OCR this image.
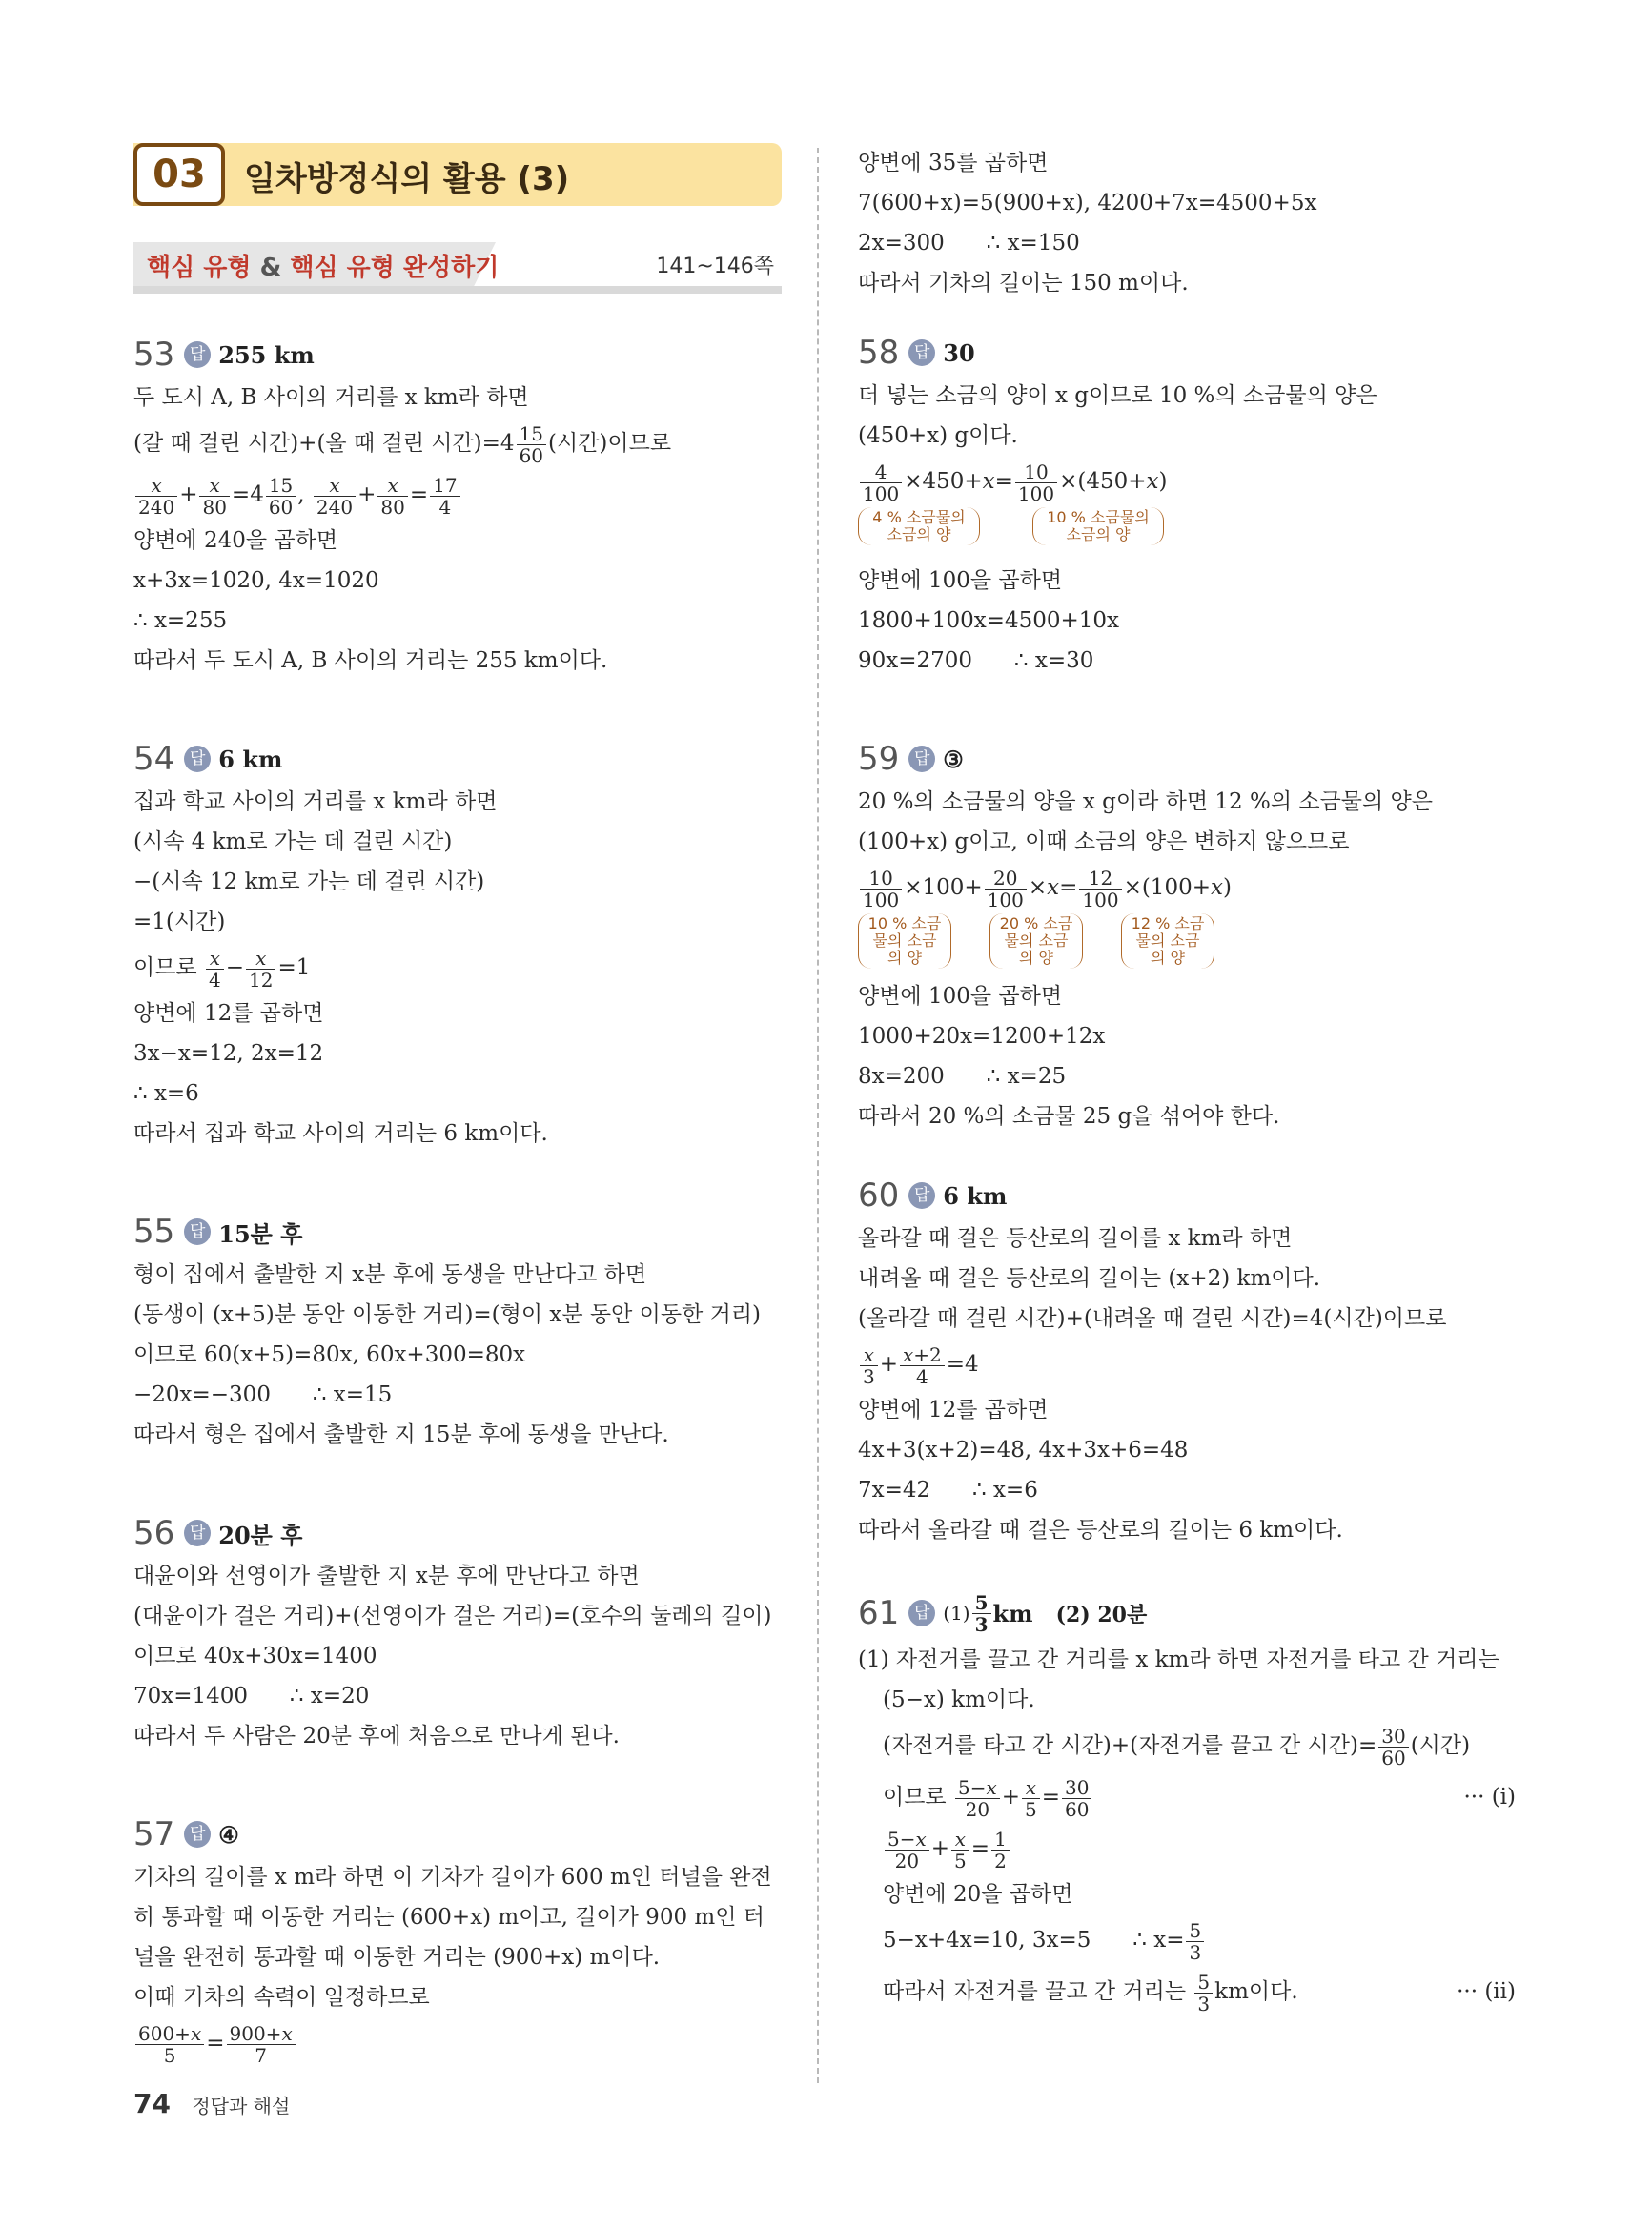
03	일차방정식의 활용 (3)
핵심 유형 & 핵심 유형 완성하기	141~146쪽
53 답 255 km
두 도시 A, B 사이의 거리를 x km라 하면
(갈 때 걸린 시간)+(올 때 걸린 시간)$=4 \frac{15}{60}$ (시간)이므로
$\frac{x}{240} + \frac{x}{80} =4 \frac{15}{60}$ , $\frac{x}{240} + \frac{x}{80} = \frac{17}{4}$
양변에 240을 곱하면
x+3x=1020, 4x=1020
∴ x=255
따라서 두 도시 A, B 사이의 거리는 255 km이다.
54 답 6 km
집과 학교 사이의 거리를 x km라 하면
(시속 4 km로 가는 데 걸린 시간)
−(시속 12 km로 가는 데 걸린 시간)
=1(시간)
이므로 $\frac{x}{4} - \frac{x}{12} =1$
양변에 12를 곱하면
3x−x=12, 2x=12
∴ x=6
따라서 집과 학교 사이의 거리는 6 km이다.
55 답 15분 후
형이 집에서 출발한 지 x분 후에 동생을 만난다고 하면
(동생이 (x+5)분 동안 이동한 거리)=(형이 x분 동안 이동한 거리)
이므로 60(x+5)=80x, 60x+300=80x
−20x=−300      ∴ x=15
따라서 형은 집에서 출발한 지 15분 후에 동생을 만난다.
56 답 20분 후
대윤이와 선영이가 출발한 지 x분 후에 만난다고 하면
(대윤이가 걸은 거리)+(선영이가 걸은 거리)=(호수의 둘레의 길이)
이므로 40x+30x=1400
70x=1400      ∴ x=20
따라서 두 사람은 20분 후에 처음으로 만나게 된다.
57 답 ④
기차의 길이를 x m라 하면 이 기차가 길이가 600 m인 터널을 완전
히 통과할 때 이동한 거리는 (600+x) m이고, 길이가 900 m인 터
널을 완전히 통과할 때 이동한 거리는 (900+x) m이다.
이때 기차의 속력이 일정하므로
$\frac{600+x}{5} = \frac{900+x}{7}$
양변에 35를 곱하면
7(600+x)=5(900+x), 4200+7x=4500+5x
2x=300      ∴ x=150
따라서 기차의 길이는 150 m이다.
58 답 30
더 넣는 소금의 양이 x g이므로 10 %의 소금물의 양은
(450+x) g이다.
$\frac{4}{100} \times 450+x= \frac{10}{100} \times(450+x)$
4 % 소금물의 소금의 양
10 % 소금물의 소금의 양
양변에 100을 곱하면
1800+100x=4500+10x
90x=2700      ∴ x=30
59 답 ③
20 %의 소금물의 양을 x g이라 하면 12 %의 소금물의 양은
(100+x) g이고, 이때 소금의 양은 변하지 않으므로
$\frac{10}{100} \times 100+ \frac{20}{100} \times x= \frac{12}{100} \times(100+x)$
10 % 소금물의 소금의 양
20 % 소금물의 소금의 양
12 % 소금물의 소금의 양
양변에 100을 곱하면
1000+20x=1200+12x
8x=200      ∴ x=25
따라서 20 %의 소금물 25 g을 섞어야 한다.
60 답 6 km
올라갈 때 걸은 등산로의 길이를 x km라 하면
내려올 때 걸은 등산로의 길이는 (x+2) km이다.
(올라갈 때 걸린 시간)+(내려올 때 걸린 시간)=4(시간)이므로
$\frac{x}{3} + \frac{x+2}{4} =4$
양변에 12를 곱하면
4x+3(x+2)=48, 4x+3x+6=48
7x=42      ∴ x=6
따라서 올라갈 때 걸은 등산로의 길이는 6 km이다.
61 답 $(1) \frac{5}{3}$ km (2) 20분
(1) 자전거를 끌고 간 거리를 x km라 하면 자전거를 타고 간 거리는
(5−x) km이다.
(자전거를 타고 간 시간)+(자전거를 끌고 간 시간)= $\frac{30}{60}$ (시간)
이므로 $\frac{5-x}{20} + \frac{x}{5} = \frac{30}{60}$	··· (i)
$\frac{5-x}{20} + \frac{x}{5} = \frac{1}{2}$
양변에 20을 곱하면
5−x+4x=10, 3x=5      ∴ $x= \frac{5}{3}$
따라서 자전거를 끌고 간 거리는 $\frac{5}{3}$ km이다.	··· (ii)
74 정답과 해설
